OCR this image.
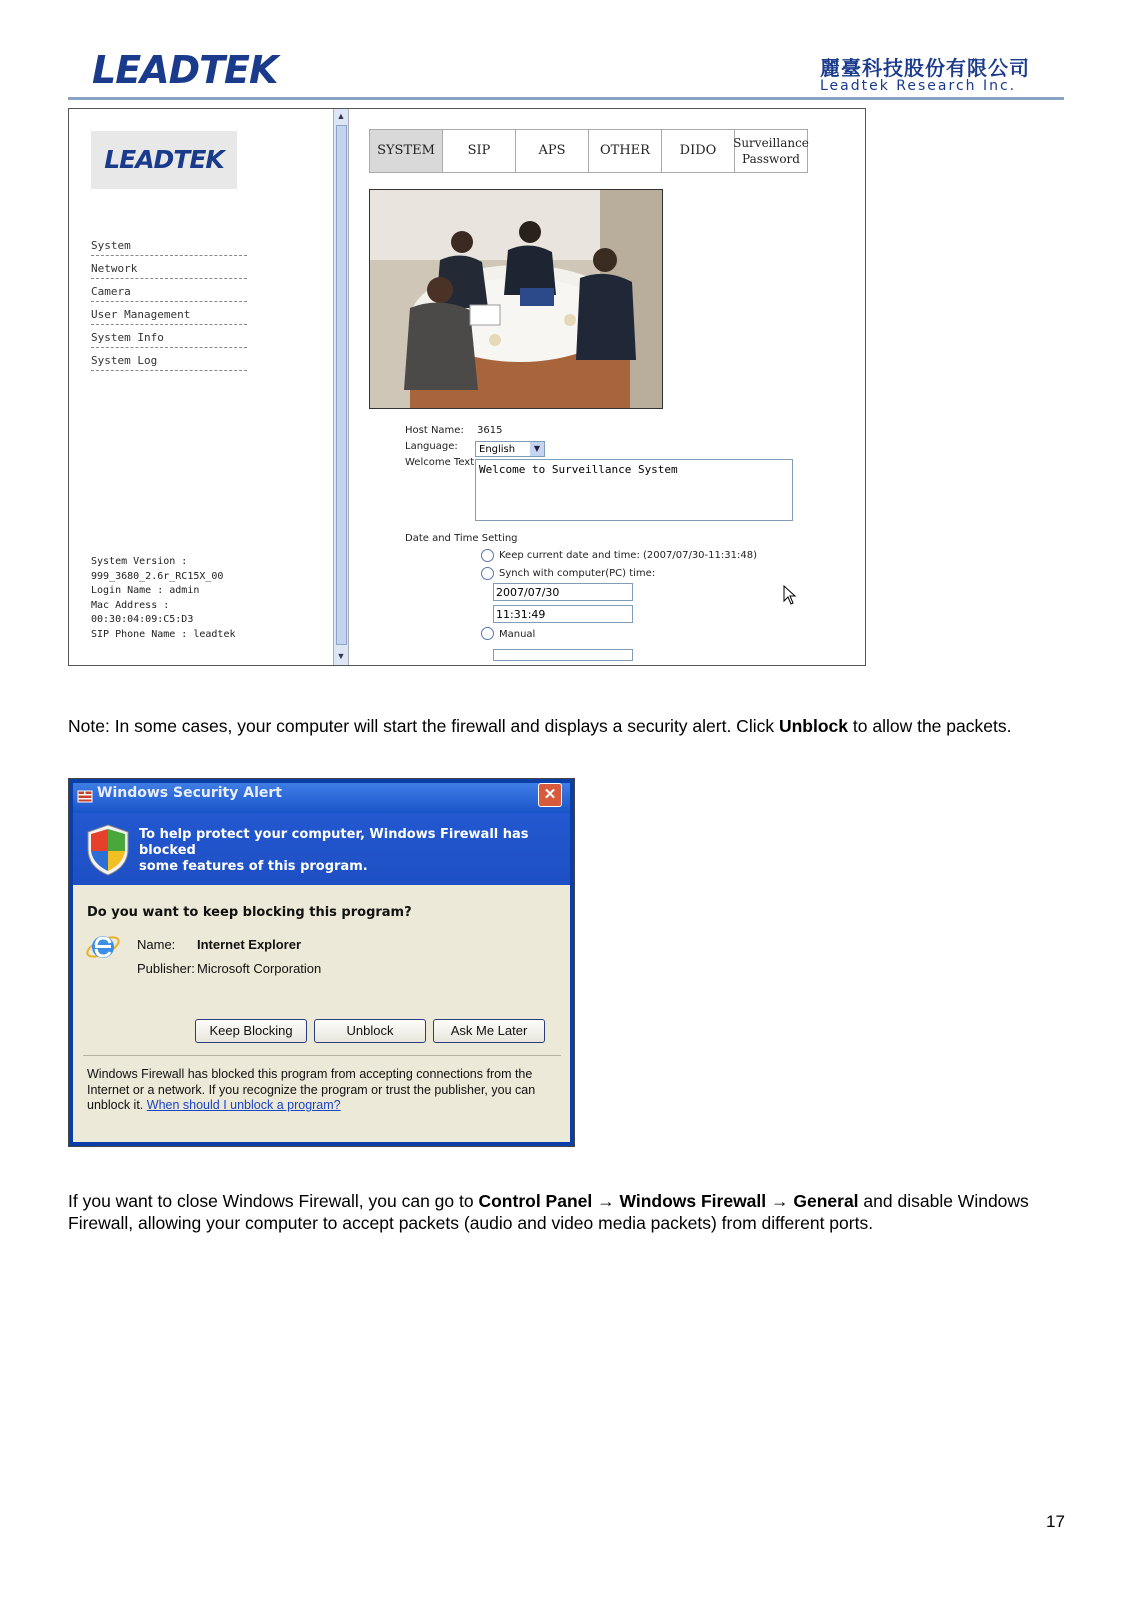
LEADTEK	麗臺科技股份有限公司
Leadtek Research Inc.
LEADTEK
System
Network
Camera
User Management
System Info
System Log
System Version :
999_3680_2.6r_RC15X_00
Login Name : admin
Mac Address :
00:30:04:09:C5:D3
SIP Phone Name : leadtek
▲
▼
SYSTEM	SIP	APS	OTHER	DIDO	Surveillance Password
Host Name: 3615
Language:	English	▼
Welcome Text
Welcome to Surveillance System
Date and Time Setting
Keep current date and time: (2007/07/30-11:31:48)
Synch with computer(PC) time:
2007/07/30
11:31:49
Manual
Note: In some cases, your computer will start the firewall and displays a security alert. Click Unblock to allow the packets.
Windows Security Alert	✕
To help protect your computer, Windows Firewall has blocked
some features of this program.
Do you want to keep blocking this program?
Name: Internet Explorer
Publisher: Microsoft Corporation
Keep Blocking	Unblock	Ask Me Later
Windows Firewall has blocked this program from accepting connections from the
Internet or a network. If you recognize the program or trust the publisher, you can
unblock it. When should I unblock a program?
If you want to close Windows Firewall, you can go to Control Panel → Windows Firewall → General and disable Windows Firewall, allowing your computer to accept packets (audio and video media packets) from different ports.
17
